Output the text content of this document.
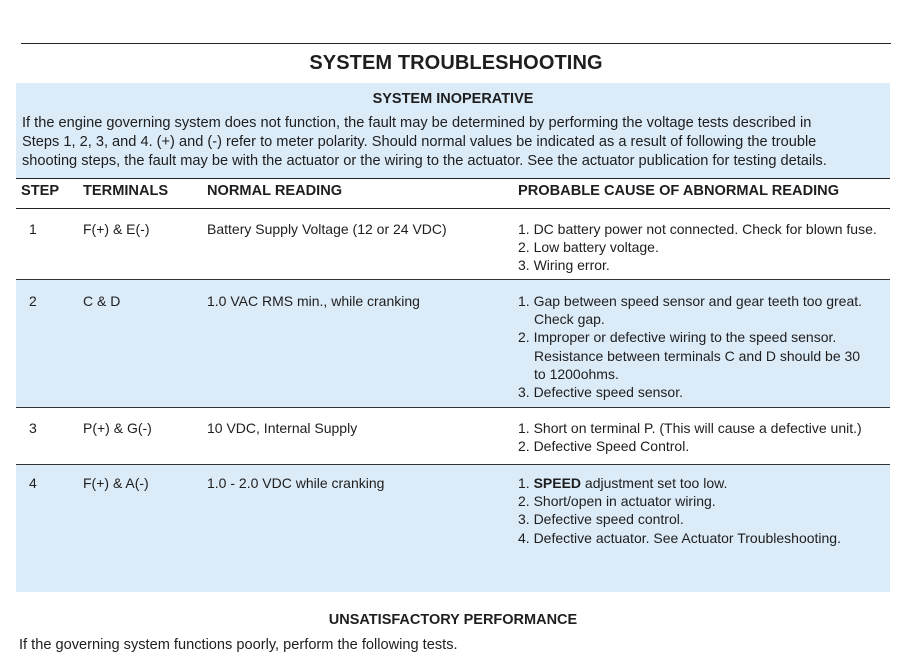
SYSTEM TROUBLESHOOTING
SYSTEM INOPERATIVE
If the engine governing system does not function, the fault may be determined by performing the voltage tests described in
Steps 1, 2, 3, and 4. (+) and (-) refer to meter polarity. Should normal values be indicated as a result of following the trouble
shooting steps, the fault may be with the actuator or the wiring to the actuator. See the actuator publication for testing details.
STEP TERMINALS	NORMAL READING	PROBABLE CAUSE OF ABNORMAL READING
1	F(+) & E(-)	Battery Supply Voltage (12 or 24 VDC)	1. DC battery power not connected. Check for blown fuse.
2. Low battery voltage.
3. Wiring error.
2	C & D	1.0 VAC RMS min., while cranking	1. Gap between speed sensor and gear teeth too great.
Check gap.
2. Improper or defective wiring to the speed sensor.
Resistance between terminals C and D should be 30
to 1200ohms.
3. Defective speed sensor.
3	P(+) & G(-)	10 VDC, Internal Supply	1. Short on terminal P. (This will cause a defective unit.)
2. Defective Speed Control.
4	F(+) & A(-)	1.0 - 2.0 VDC while cranking	1. SPEED adjustment set too low.
2. Short/open in actuator wiring.
3. Defective speed control.
4. Defective actuator. See Actuator Troubleshooting.
UNSATISFACTORY PERFORMANCE
If the governing system functions poorly, perform the following tests.
